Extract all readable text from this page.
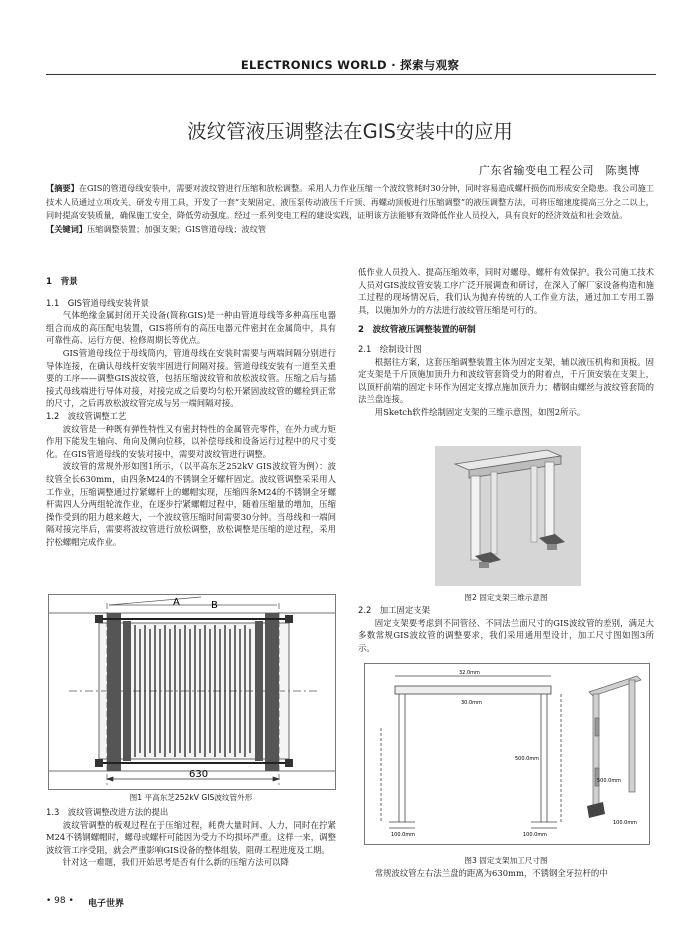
ELECTRONICS WORLD · 探索与观察
波纹管液压调整法在GIS安装中的应用
广东省输变电工程公司　陈奥博
【摘要】在GIS的管道母线安装中，需要对波纹管进行压缩和放松调整。采用人力作业压缩一个波纹管耗时30分钟，同时容易造成螺杆损伤而形成安全隐患。我公司施工技术人员通过立项攻关、研发专用工具，开发了一套“支架固定、液压泵传动液压千斤顶、再螺动顶板进行压缩调整”的液压调整方法，可将压缩速度提高三分之二以上，同时提高安装质量，确保施工安全，降低劳动强度。经过一系列变电工程的建设实践，证明该方法能够有效降低作业人员投入，具有良好的经济效益和社会效益。
【关键词】压缩调整装置；加强支架；GIS管道母线；波纹管
1　背景
1.1　GIS管道母线安装背景

气体绝缘金属封闭开关设备(简称GIS)是一种由管道母线等多种高压电器组合而成的高压配电装置，GIS将所有的高压电器元件密封在金属筒中，具有可靠性高、运行方便、检修周期长等优点。

GIS管道母线位于母线筒内，管道母线在安装时需要与两端间隔分别进行导体连接，在确认母线杆安装牢固进行间隔对接。管道母线安装有一道至关重要的工序——调整GIS波纹管，包括压缩波纹管和放松波纹管。压缩之后与插接式母线端进行导体对接，对接完成之后要均匀松开紧固波纹管的螺栓到正常的尺寸，之后再放松波纹管完成与另一端间隔对接。

1.2　波纹管调整工艺

波纹管是一种既有弹性特性又有密封特性的金属管壳零件，在外力或力矩作用下能发生轴向、角向及侧向位移，以补偿母线和设备运行过程中的尺寸变化。在GIS管道母线的安装对接中，需要对波纹管进行调整。

波纹管的常规外形如图1所示，（以平高东芝252kV GIS波纹管为例）：波纹管全长630mm，由四条M24的不锈钢全牙螺杆固定。波纹管调整采采用人工作业，压缩调整通过拧紧螺杆上的螺帽实现，压缩四条M24的不锈钢全牙螺杆需四人分两组轮流作业，在逐步拧紧螺帽过程中，随着压缩量的增加，压缩操作受到的阻力越来越大，一个波纹管压缩时间需要30分钟。当母线和一端间隔对接完毕后，需要将波纹管进行放松调整，放松调整是压缩的逆过程，采用拧松螺帽完成作业。

A	B
630
图1 平高东芝252kV GIS波纹管外形
1.3　波纹管调整改进方法的提出

波纹管调整的板观过程在于压缩过程，耗费大量时间、人力，同时在拧紧M24不锈钢螺帽时，螺母或螺杆可能因为受力不均损坏严重。这样一来，调整波纹管工序受阻，就会严重影响GIS设备的整体组装，阻碍工程进度及工期。

针对这一难题，我们开始思考是否有什么新的压缩方法可以降

低作业人员投入、提高压缩效率，同时对螺母、螺杆有效保护。我公司施工技术人员对GIS波纹管安装工序广泛开展调查和研讨，在深入了解厂家设备构造和施工过程的现场情况后，我们认为抛弃传统的人工作业方法，通过加工专用工器具，以施加外力的方法进行波纹管压缩是可行的。

2　波纹管液压调整装置的研制
2.1　绘制设计图

根据往方案，这套压缩调整装置主体为固定支架，辅以液压机构和顶板。固定支架是千斤顶施加顶升力和波纹管套筒受力的附着点，千斤顶安装在支架上，以顶杆前端的固定卡环作为固定支撑点施加顶升力；槽钢由螺丝与波纹管套筒的法兰盘连接。

用Sketch软件绘制固定支架的三维示意图，如图2所示。

图2 固定支架三维示意图
2.2　加工固定支架

固定支架要考虑到不同管径、不同法兰面尺寸的GIS波纹管的差别，满足大多数常规GIS波纹管的调整要求，我们采用通用型设计，加工尺寸图如图3所示。

32.0mm
30.0mm
500.0mm
500.0mm
100.0mm	100.0mm
100.0mm
图3 固定支架加工尺寸图

常规波纹管左右法兰盘的距离为630mm，不锈钢全牙拉杆的中

• 98 • 电子世界
